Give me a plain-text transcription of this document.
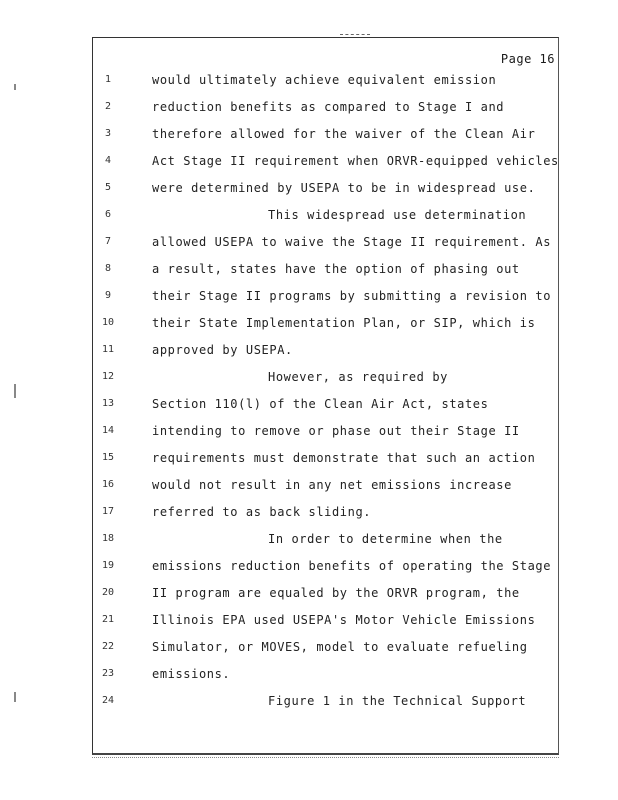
Page 16
1	would ultimately achieve equivalent emission
2	reduction benefits as compared to Stage I and
3	therefore allowed for the waiver of the Clean Air
4	Act Stage II requirement when ORVR-equipped vehicles
5	were determined by USEPA to be in widespread use.
6	This widespread use determination
7	allowed USEPA to waive the Stage II requirement. As
8	a result, states have the option of phasing out
9	their Stage II programs by submitting a revision to
10	their State Implementation Plan, or SIP, which is
11	approved by USEPA.
12	However, as required by
13	Section 110(l) of the Clean Air Act, states
14	intending to remove or phase out their Stage II
15	requirements must demonstrate that such an action
16	would not result in any net emissions increase
17	referred to as back sliding.
18	In order to determine when the
19	emissions reduction benefits of operating the Stage
20	II program are equaled by the ORVR program, the
21	Illinois EPA used USEPA's Motor Vehicle Emissions
22	Simulator, or MOVES, model to evaluate refueling
23	emissions.
24	Figure 1 in the Technical Support
